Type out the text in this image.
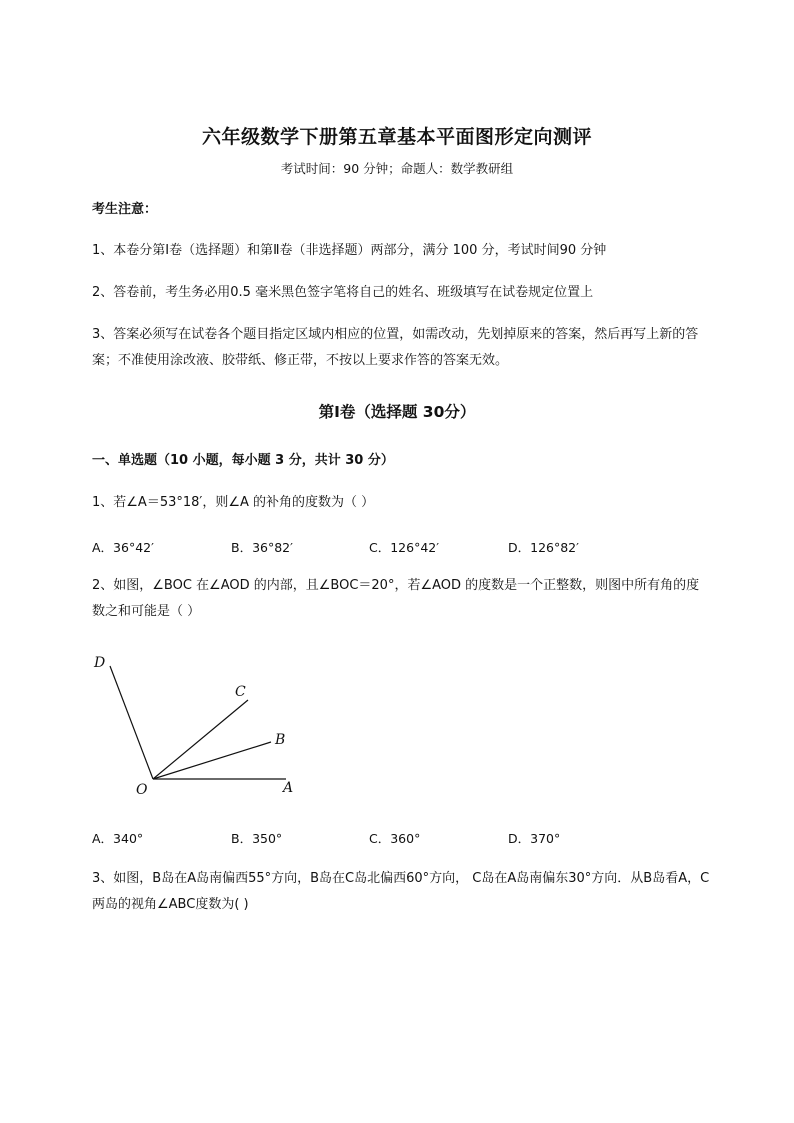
六年级数学下册第五章基本平面图形定向测评
考试时间：90 分钟；命题人：数学教研组
考生注意：
1、本卷分第Ⅰ卷（选择题）和第Ⅱ卷（非选择题）两部分，满分 100 分，考试时间90 分钟
2、答卷前，考生务必用0.5 毫米黑色签字笔将自己的姓名、班级填写在试卷规定位置上
3、答案必须写在试卷各个题目指定区域内相应的位置，如需改动，先划掉原来的答案，然后再写上新的答案；不准使用涂改液、胶带纸、修正带，不按以上要求作答的答案无效。
第Ⅰ卷（选择题 30分）
一、单选题（10 小题，每小题 3 分，共计 30 分）
1、若∠A＝53°18′，则∠A 的补角的度数为（ ）
A．36°42′	B．36°82′	C．126°42′	D．126°82′
2、如图，∠BOC 在∠AOD 的内部，且∠BOC＝20°，若∠AOD 的度数是一个正整数，则图中所有角的度数之和可能是（ ）
D
C
B
O	A
A．340°	B．350°	C．360°	D．370°
3、如图，B岛在A岛南偏西55°方向，B岛在C岛北偏西60°方向， C岛在A岛南偏东30°方向．从B岛看A，C两岛的视角∠ABC度数为( )
